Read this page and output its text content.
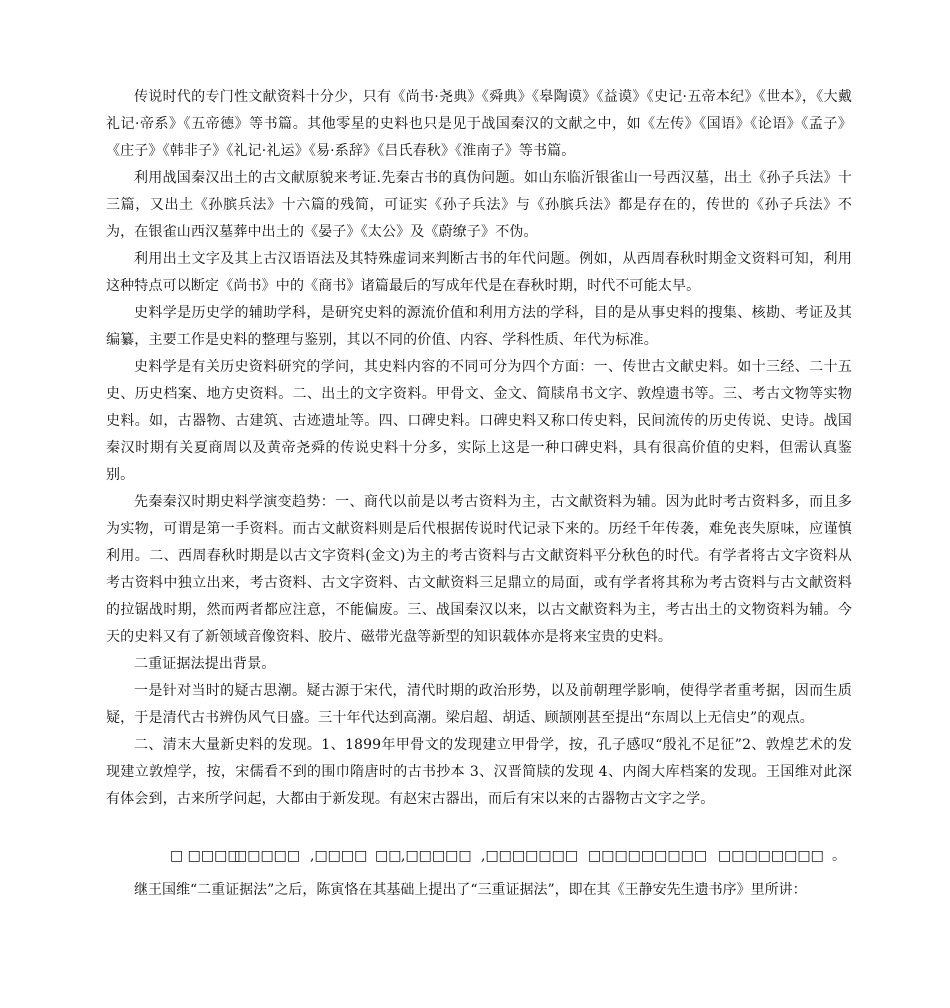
传说时代的专门性文献资料十分少，只有《尚书·尧典》《舜典》《皋陶谟》《益谟》《史记·五帝本纪》《世本》，《大戴礼记·帝系》《五帝德》等书篇。其他零星的史料也只是见于战国秦汉的文献之中，如《左传》《国语》《论语》《孟子》《庄子》《韩非子》《礼记·礼运》《易·系辞》《吕氏春秋》《淮南子》等书篇。

利用战国秦汉出土的古文献原貌来考证.先秦古书的真伪问题。如山东临沂银雀山一号西汉墓，出土《孙子兵法》十三篇，又出土《孙膑兵法》十六篇的残简，可证实《孙子兵法》与《孙膑兵法》都是存在的，传世的《孙子兵法》不为，在银雀山西汉墓葬中出土的《晏子》《太公》及《蔚缭子》不伪。

利用出土文字及其上古汉语语法及其特殊虚词来判断古书的年代问题。例如，从西周春秋时期金文资料可知，利用这种特点可以断定《尚书》中的《商书》诸篇最后的写成年代是在春秋时期，时代不可能太早。

史料学是历史学的辅助学科，是研究史料的源流价值和利用方法的学科，目的是从事史料的搜集、核勘、考证及其编纂，主要工作是史料的整理与鉴别，其以不同的价值、内容、学科性质、年代为标准。

史料学是有关历史资料研究的学问，其史料内容的不同可分为四个方面：一、传世古文献史料。如十三经、二十五史、历史档案、地方史资料。二、出土的文字资料。甲骨文、金文、简牍帛书文字、敦煌遗书等。三、考古文物等实物史料。如，古器物、古建筑、古迹遗址等。四、口碑史料。口碑史料又称口传史料，民间流传的历史传说、史诗。战国秦汉时期有关夏商周以及黄帝尧舜的传说史料十分多，实际上这是一种口碑史料，具有很高价值的史料，但需认真鉴别。

先秦秦汉时期史料学演变趋势：一、商代以前是以考古资料为主，古文献资料为辅。因为此时考古资料多，而且多为实物，可谓是第一手资料。而古文献资料则是后代根据传说时代记录下来的。历经千年传袭，难免丧失原味，应谨慎利用。二、西周春秋时期是以古文字资料(金文)为主的考古资料与古文献资料平分秋色的时代。有学者将古文字资料从考古资料中独立出来，考古资料、古文字资料、古文献资料三足鼎立的局面，或有学者将其称为考古资料与古文献资料的拉锯战时期，然而两者都应注意，不能偏废。三、战国秦汉以来，以古文献资料为主，考古出土的文物资料为辅。今天的史料又有了新领域音像资料、胶片、磁带光盘等新型的知识载体亦是将来宝贵的史料。

二重证据法提出背景。

一是针对当时的疑古思潮。疑古源于宋代，清代时期的政治形势，以及前朝理学影响，使得学者重考据，因而生质疑，于是清代古书辨伪风气日盛。三十年代达到高潮。梁启超、胡适、顾颉刚甚至提出“东周以上无信史”的观点。

二、清末大量新史料的发现。1、1899年甲骨文的发现建立甲骨学，按，孔子感叹“殷礼不足征”2、敦煌艺术的发现建立敦煌学，按，宋儒看不到的围巾隋唐时的古书抄本 3、汉晋简牍的发现 4、内阁大库档案的发现。王国维对此深有体会到，古来所学问起，大都由于新发现。有赵宋古器出，而后有宋以来的古器物古文字之学。

□ □□□□
□□□□□ ,□□□□ □□ ,□□□□□ ,□□□□□□□ □□□□□□□□□ □□□□□□□□ 。

继王国维“二重证据法”之后，陈寅恪在其基础上提出了“三重证据法”，即在其《王静安先生遗书序》里所讲：
